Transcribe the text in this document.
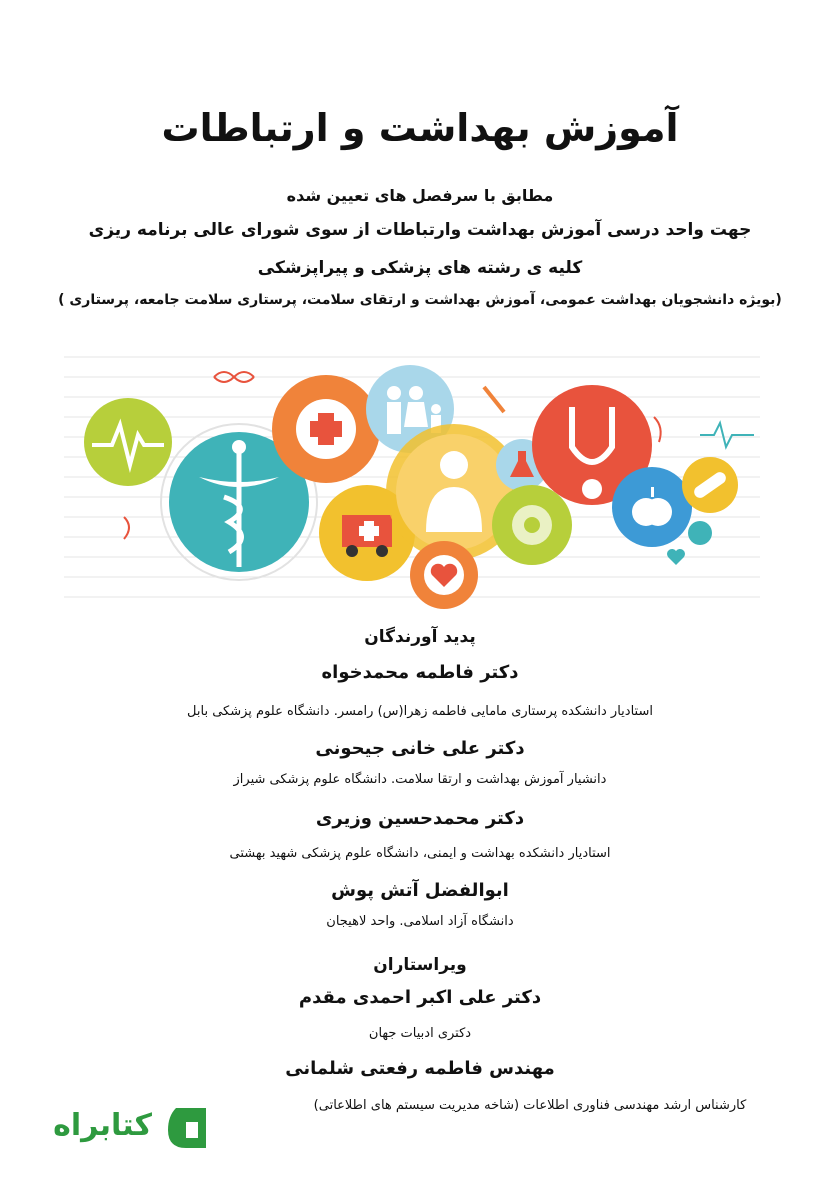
آموزش بهداشت و ارتباطات
مطابق با سرفصل های تعیین شده
جهت واحد درسی آموزش بهداشت وارتباطات از سوی شورای عالی برنامه ریزی
کلیه ی رشته های پزشکی و پیراپزشکی
(بویژه دانشجویان بهداشت عمومی، آموزش بهداشت و ارتقای سلامت، پرستاری سلامت جامعه، پرستاری )
پدید آورندگان
دکتر فاطمه محمدخواه
استادیار دانشکده پرستاری مامایی فاطمه زهرا(س) رامسر. دانشگاه علوم پزشکی بابل
دکتر علی خانی جیحونی
دانشیار آموزش بهداشت و ارتقا سلامت. دانشگاه علوم پزشکی شیراز
دکتر محمدحسین وزیری
استادیار دانشکده بهداشت و ایمنی، دانشگاه علوم پزشکی شهید بهشتی
ابوالفضل آتش پوش
دانشگاه آزاد اسلامی. واحد لاهیجان
ویراستاران
دکتر علی اکبر احمدی مقدم
دکتری ادبیات جهان
مهندس فاطمه رفعتی شلمانی
کارشناس ارشد مهندسی فناوری اطلاعات (شاخه مدیریت سیستم های اطلاعاتی)
کتابراه
